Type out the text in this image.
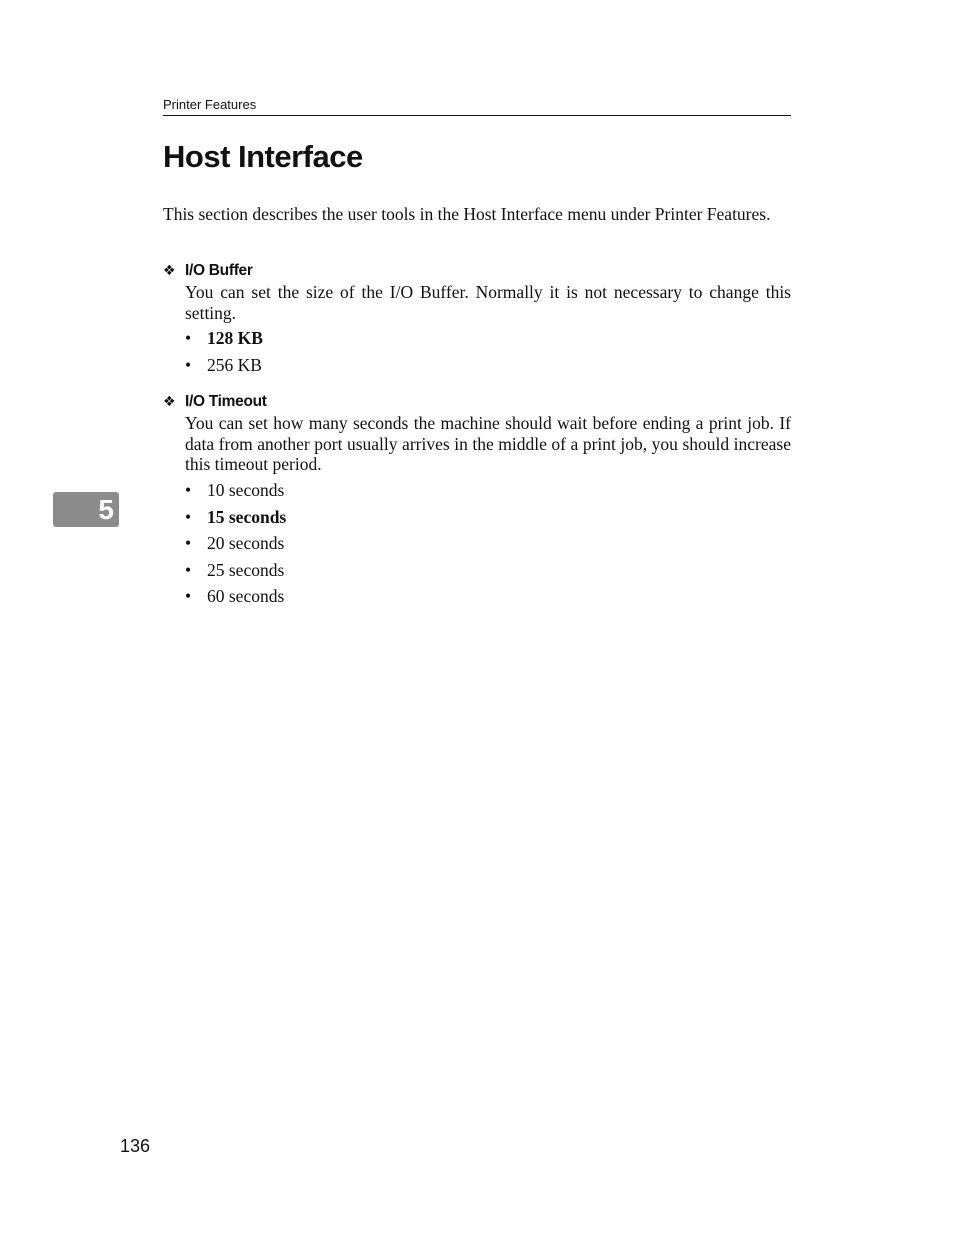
Printer Features
Host Interface

This section describes the user tools in the Host Interface menu under Printer Features.

❖ I/O Buffer

You can set the size of the I/O Buffer. Normally it is not necessary to change this setting.

• 128 KB
• 256 KB
❖ I/O Timeout

You can set how many seconds the machine should wait before ending a print job. If data from another port usually arrives in the middle of a print job, you should increase this timeout period.

• 10 seconds
• 15 seconds
• 20 seconds
• 25 seconds
• 60 seconds
5
136
